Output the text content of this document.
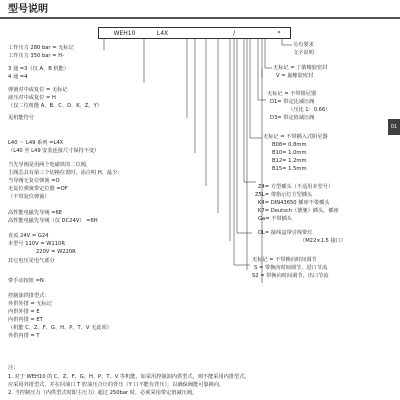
型号说明
WEH10	L4X	/	*
01
工作压力 280 bar = 无标记
工作压力 350 bar = H-
3 通 =3（仅 A、B 机能）
4 通 =4
弹簧对中或复位 = 无标记
液压对中或复位 = H
（仅二位机能 A、B、C、D、K、Z、Y）
见机能符号
L40 ～ L49 系列 =L4X
（L40 至 L49 安装连接尺寸保持不变）
当先导阀是用两个电磁铁的二位阀，
主阀芯具有第三个切换位置时，添注明 H，最少：
当导阀无复位弹簧 =O
无复位弹簧带定位器 =OF
（不带复位弹簧）
高性能电磁先导阀 =6E
高性能电磁先导阀（仅 DC24V） =6H
直流 24V = G24
本型号 110V = W110R
220V = W220R
其它电压见电气部分
带手动按钮 =N
控制油供排型式：
外供外排 = 无标记
内供外排 = E
内供内排 = ET
（机能 C、Z、F、G、H、P、T、V 无此项）
外供内排 = T
另有要求
文字说明
无标记 = 丁腈橡胶密封
V = 氟橡胶密封
无标记 = 不带阻尼器
D1= 带定比减压阀
（压比 1：0.66）
D3= 带定值减压阀
无标记 = 不带插入式阻尼器
B08= 0.8mm
B10= 1.0mm
B12= 1.2mm
B15= 1.5mm
Z4= 方型插头（不适用本型号）
Z5L= 带指示灯方型插头
K4= DIN43650 插座不带插头
K7= Deutsch（德驰）插头，插座
Ga= 不带插头
DL= 接线盒带引线带灯
（M22×1.5 接口）
无标记 = 不带换向时间调节
S = 带换向时间调节，进口节流
S2 = 带换向时间调节，出口节流
注：
1. 对于 WEH10 的 C、Z、F、G、H、P、T、V 等机能，如采用控制油内供型式，则不能采用内排型式。
应采用外排型式，并在回油口 T 腔油压合计的背压（Y 口不能有背压），以确保阀能可靠换向。
2. 当控制压力（内供型式时即主压力）超过 250bar 时，必须采用带定值减压阀。
